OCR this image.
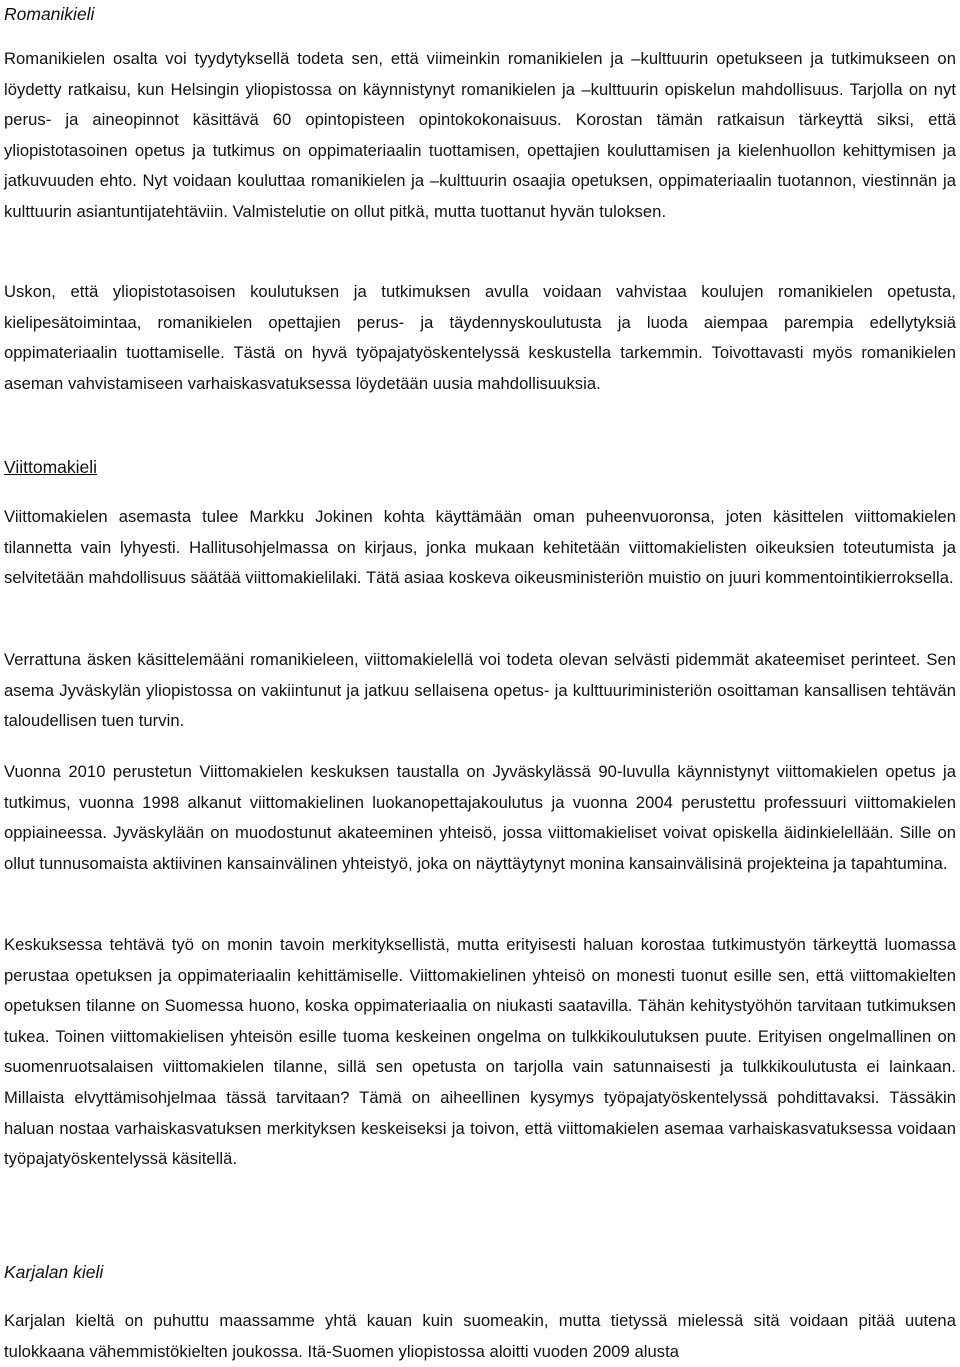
Romanikieli

Romanikielen osalta voi tyydytyksellä todeta sen, että viimeinkin romanikielen ja –kulttuurin opetukseen ja tutkimukseen on löydetty ratkaisu, kun Helsingin yliopistossa on käynnistynyt romanikielen ja –kulttuurin opiskelun mahdollisuus. Tarjolla on nyt perus- ja aineopinnot käsittävä 60 opintopisteen opintokokonaisuus. Korostan tämän ratkaisun tärkeyttä siksi, että yliopistotasoinen opetus ja tutkimus on oppimateriaalin tuottamisen, opettajien kouluttamisen ja kielenhuollon kehittymisen ja jatkuvuuden ehto. Nyt voidaan kouluttaa romanikielen ja –kulttuurin osaajia opetuksen, oppimateriaalin tuotannon, viestinnän ja kulttuurin asiantuntijatehtäviin. Valmistelutie on ollut pitkä, mutta tuottanut hyvän tuloksen.

Uskon, että yliopistotasoisen koulutuksen ja tutkimuksen avulla voidaan vahvistaa koulujen romanikielen opetusta, kielipesätoimintaa, romanikielen opettajien perus- ja täydennyskoulutusta ja luoda aiempaa parempia edellytyksiä oppimateriaalin tuottamiselle. Tästä on hyvä työpajatyöskentelyssä keskustella tarkemmin. Toivottavasti myös romanikielen aseman vahvistamiseen varhaiskasvatuksessa löydetään uusia mahdollisuuksia.

Viittomakieli

Viittomakielen asemasta tulee Markku Jokinen kohta käyttämään oman puheenvuoronsa, joten käsittelen viittomakielen tilannetta vain lyhyesti. Hallitusohjelmassa on kirjaus, jonka mukaan kehitetään viittomakielisten oikeuksien toteutumista ja selvitetään mahdollisuus säätää viittomakielilaki. Tätä asiaa koskeva oikeusministeriön muistio on juuri kommentointikierroksella.

Verrattuna äsken käsittelemääni romanikieleen, viittomakielellä voi todeta olevan selvästi pidemmät akateemiset perinteet. Sen asema Jyväskylän yliopistossa on vakiintunut ja jatkuu sellaisena opetus- ja kulttuuriministeriön osoittaman kansallisen tehtävän taloudellisen tuen turvin.

Vuonna 2010 perustetun Viittomakielen keskuksen taustalla on Jyväskylässä 90-luvulla käynnistynyt viittomakielen opetus ja tutkimus, vuonna 1998 alkanut viittomakielinen luokanopettajakoulutus ja vuonna 2004 perustettu professuuri viittomakielen oppiaineessa. Jyväskylään on muodostunut akateeminen yhteisö, jossa viittomakieliset voivat opiskella äidinkielellään. Sille on ollut tunnusomaista aktiivinen kansainvälinen yhteistyö, joka on näyttäytynyt monina kansainvälisinä projekteina ja tapahtumina.

Keskuksessa tehtävä työ on monin tavoin merkityksellistä, mutta erityisesti haluan korostaa tutkimustyön tärkeyttä luomassa perustaa opetuksen ja oppimateriaalin kehittämiselle. Viittomakielinen yhteisö on monesti tuonut esille sen, että viittomakielten opetuksen tilanne on Suomessa huono, koska oppimateriaalia on niukasti saatavilla. Tähän kehitystyöhön tarvitaan tutkimuksen tukea. Toinen viittomakielisen yhteisön esille tuoma keskeinen ongelma on tulkkikoulutuksen puute. Erityisen ongelmallinen on suomenruotsalaisen viittomakielen tilanne, sillä sen opetusta on tarjolla vain satunnaisesti ja tulkkikoulutusta ei lainkaan. Millaista elvyttämisohjelmaa tässä tarvitaan? Tämä on aiheellinen kysymys työpajatyöskentelyssä pohdittavaksi. Tässäkin haluan nostaa varhaiskasvatuksen merkityksen keskeiseksi ja toivon, että viittomakielen asemaa varhaiskasvatuksessa voidaan työpajatyöskentelyssä käsitellä.

Karjalan kieli

Karjalan kieltä on puhuttu maassamme yhtä kauan kuin suomeakin, mutta tietyssä mielessä sitä voidaan pitää uutena tulokkaana vähemmistökielten joukossa. Itä-Suomen yliopistossa aloitti vuoden 2009 alusta
